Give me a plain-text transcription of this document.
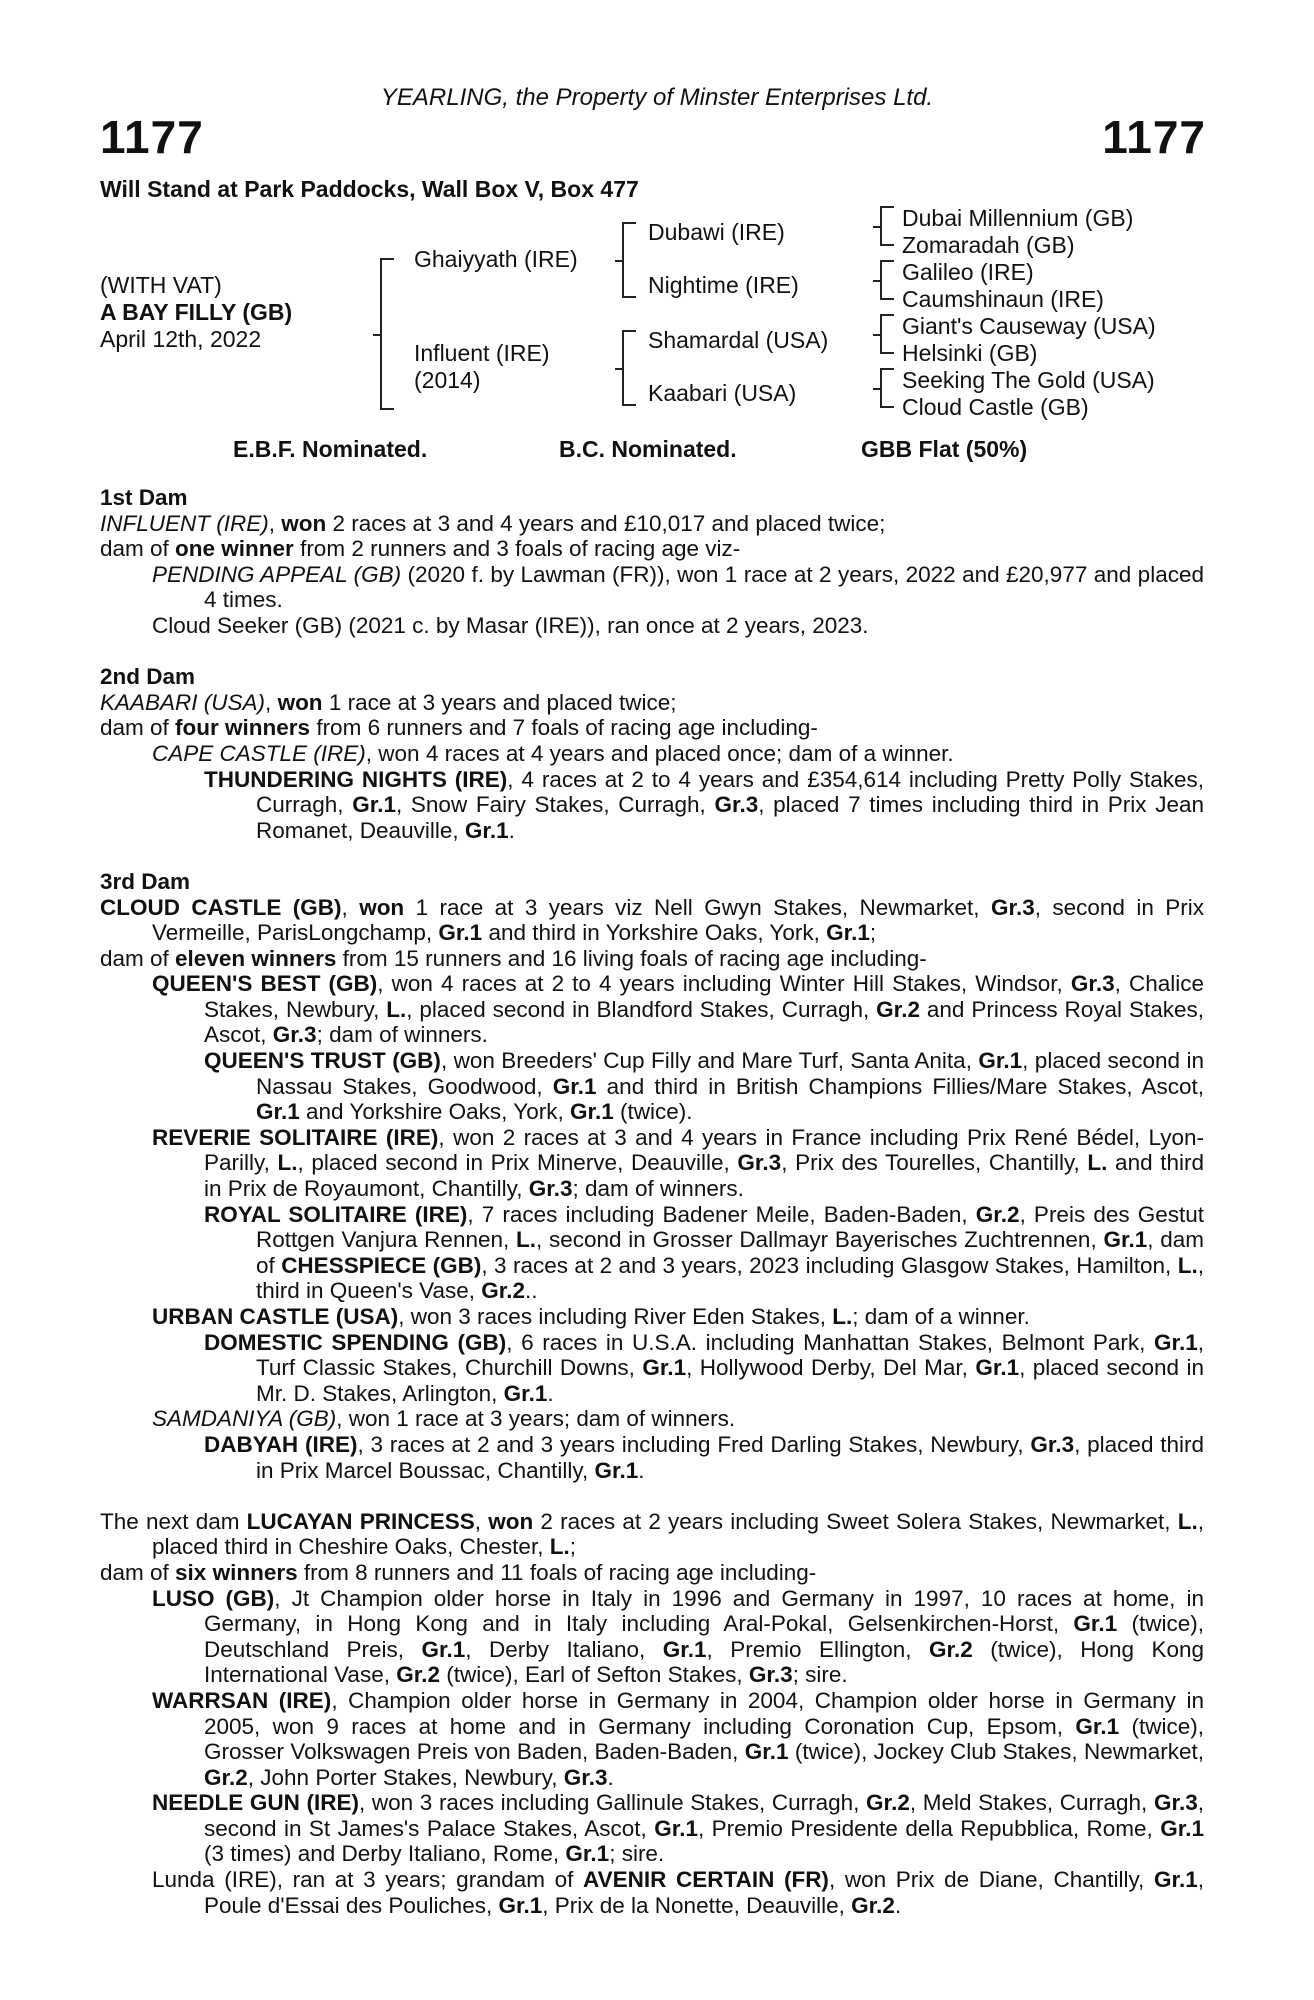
YEARLING, the Property of Minster Enterprises Ltd.
1177	1177
Will Stand at Park Paddocks, Wall Box V, Box 477
(WITH VAT)
A BAY FILLY (GB)
April 12th, 2022
Ghaiyyath (IRE)
Influent (IRE)
(2014)
Dubawi (IRE)
Nightime (IRE)
Shamardal (USA)
Kaabari (USA)
Dubai Millennium (GB)
Zomaradah (GB)
Galileo (IRE)
Caumshinaun (IRE)
Giant's Causeway (USA)
Helsinki (GB)
Seeking The Gold (USA)
Cloud Castle (GB)
E.B.F. Nominated.	B.C. Nominated.	GBB Flat (50%)

1st Dam

INFLUENT (IRE), won 2 races at 3 and 4 years and £10,017 and placed twice;

dam of one winner from 2 runners and 3 foals of racing age viz-

PENDING APPEAL (GB) (2020 f. by Lawman (FR)), won 1 race at 2 years, 2022 and £20,977 and placed 4 times.

Cloud Seeker (GB) (2021 c. by Masar (IRE)), ran once at 2 years, 2023.

2nd Dam

KAABARI (USA), won 1 race at 3 years and placed twice;

dam of four winners from 6 runners and 7 foals of racing age including-

CAPE CASTLE (IRE), won 4 races at 4 years and placed once; dam of a winner.

THUNDERING NIGHTS (IRE), 4 races at 2 to 4 years and £354,614 including Pretty Polly Stakes, Curragh, Gr.1, Snow Fairy Stakes, Curragh, Gr.3, placed 7 times including third in Prix Jean Romanet, Deauville, Gr.1.

3rd Dam

CLOUD CASTLE (GB), won 1 race at 3 years viz Nell Gwyn Stakes, Newmarket, Gr.3, second in Prix Vermeille, ParisLongchamp, Gr.1 and third in Yorkshire Oaks, York, Gr.1;

dam of eleven winners from 15 runners and 16 living foals of racing age including-

QUEEN'S BEST (GB), won 4 races at 2 to 4 years including Winter Hill Stakes, Windsor, Gr.3, Chalice Stakes, Newbury, L., placed second in Blandford Stakes, Curragh, Gr.2 and Princess Royal Stakes, Ascot, Gr.3; dam of winners.

QUEEN'S TRUST (GB), won Breeders' Cup Filly and Mare Turf, Santa Anita, Gr.1, placed second in Nassau Stakes, Goodwood, Gr.1 and third in British Champions Fillies/Mare Stakes, Ascot, Gr.1 and Yorkshire Oaks, York, Gr.1 (twice).

REVERIE SOLITAIRE (IRE), won 2 races at 3 and 4 years in France including Prix René Bédel, Lyon-Parilly, L., placed second in Prix Minerve, Deauville, Gr.3, Prix des Tourelles, Chantilly, L. and third in Prix de Royaumont, Chantilly, Gr.3; dam of winners.

ROYAL SOLITAIRE (IRE), 7 races including Badener Meile, Baden-Baden, Gr.2, Preis des Gestut Rottgen Vanjura Rennen, L., second in Grosser Dallmayr Bayerisches Zuchtrennen, Gr.1, dam of CHESSPIECE (GB), 3 races at 2 and 3 years, 2023 including Glasgow Stakes, Hamilton, L., third in Queen's Vase, Gr.2..

URBAN CASTLE (USA), won 3 races including River Eden Stakes, L.; dam of a winner.

DOMESTIC SPENDING (GB), 6 races in U.S.A. including Manhattan Stakes, Belmont Park, Gr.1, Turf Classic Stakes, Churchill Downs, Gr.1, Hollywood Derby, Del Mar, Gr.1, placed second in Mr. D. Stakes, Arlington, Gr.1.

SAMDANIYA (GB), won 1 race at 3 years; dam of winners.

DABYAH (IRE), 3 races at 2 and 3 years including Fred Darling Stakes, Newbury, Gr.3, placed third in Prix Marcel Boussac, Chantilly, Gr.1.

The next dam LUCAYAN PRINCESS, won 2 races at 2 years including Sweet Solera Stakes, Newmarket, L., placed third in Cheshire Oaks, Chester, L.;

dam of six winners from 8 runners and 11 foals of racing age including-

LUSO (GB), Jt Champion older horse in Italy in 1996 and Germany in 1997, 10 races at home, in Germany, in Hong Kong and in Italy including Aral-Pokal, Gelsenkirchen-Horst, Gr.1 (twice), Deutschland Preis, Gr.1, Derby Italiano, Gr.1, Premio Ellington, Gr.2 (twice), Hong Kong International Vase, Gr.2 (twice), Earl of Sefton Stakes, Gr.3; sire.

WARRSAN (IRE), Champion older horse in Germany in 2004, Champion older horse in Germany in 2005, won 9 races at home and in Germany including Coronation Cup, Epsom, Gr.1 (twice), Grosser Volkswagen Preis von Baden, Baden-Baden, Gr.1 (twice), Jockey Club Stakes, Newmarket, Gr.2, John Porter Stakes, Newbury, Gr.3.

NEEDLE GUN (IRE), won 3 races including Gallinule Stakes, Curragh, Gr.2, Meld Stakes, Curragh, Gr.3, second in St James's Palace Stakes, Ascot, Gr.1, Premio Presidente della Repubblica, Rome, Gr.1 (3 times) and Derby Italiano, Rome, Gr.1; sire.

Lunda (IRE), ran at 3 years; grandam of AVENIR CERTAIN (FR), won Prix de Diane, Chantilly, Gr.1, Poule d'Essai des Pouliches, Gr.1, Prix de la Nonette, Deauville, Gr.2.
